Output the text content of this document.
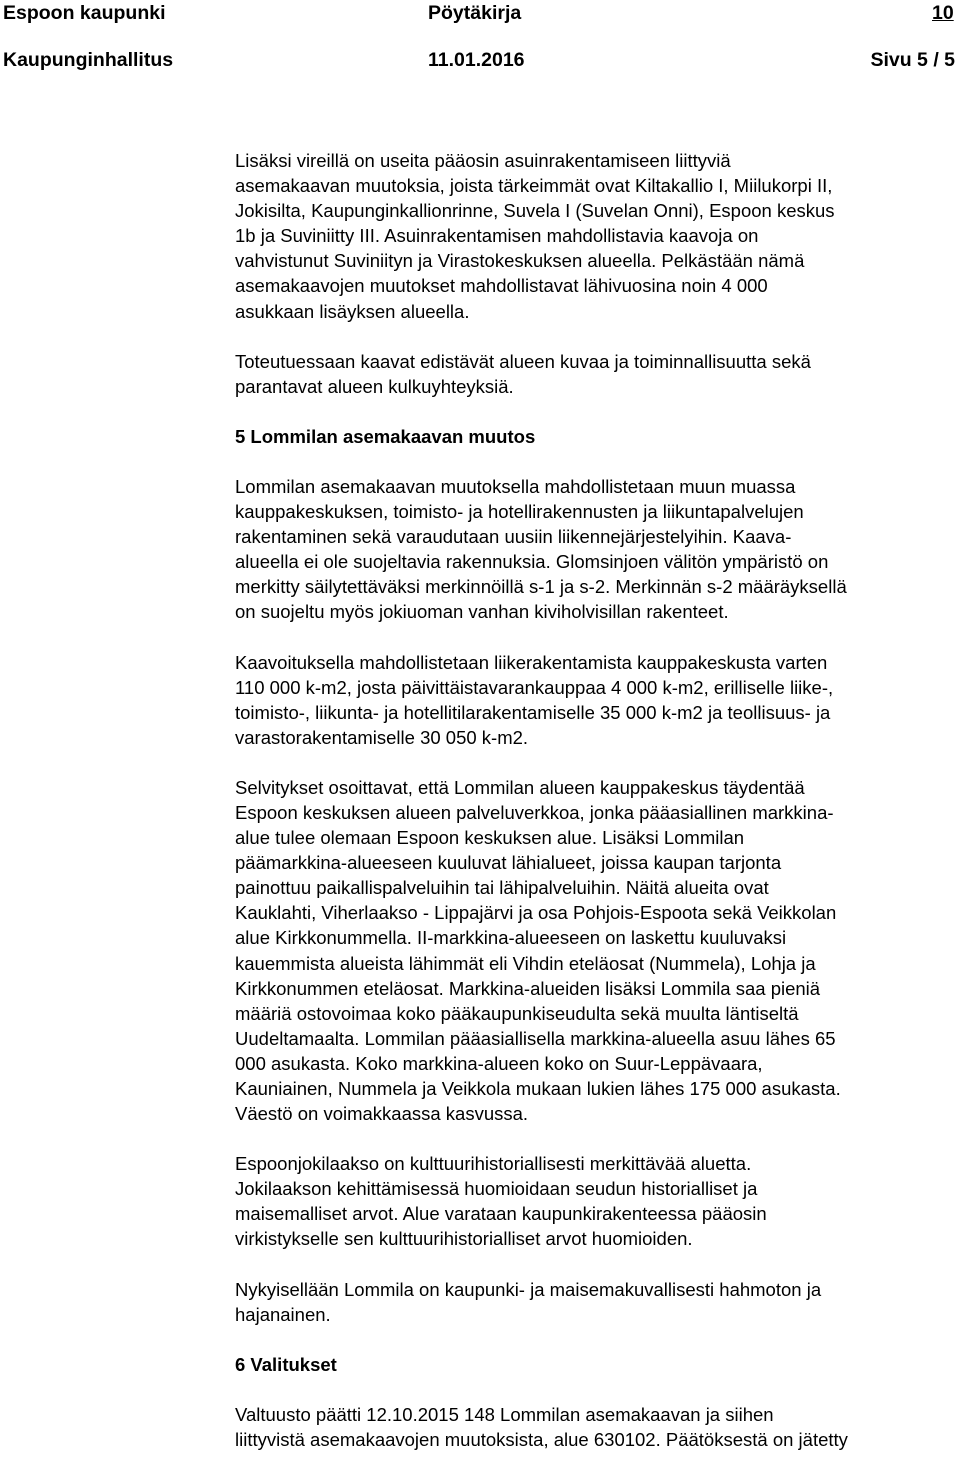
Espoon kaupunki	Pöytäkirja	10
Kaupunginhallitus	11.01.2016	Sivu 5 / 5

Lisäksi vireillä on useita pääosin asuinrakentamiseen liittyviä
asemakaavan muutoksia, joista tärkeimmät ovat Kiltakallio I, Miilukorpi II,
Jokisilta, Kaupunginkallionrinne, Suvela I (Suvelan Onni), Espoon keskus
1b ja Suviniitty III. Asuinrakentamisen mahdollistavia kaavoja on
vahvistunut Suviniityn ja Virastokeskuksen alueella. Pelkästään nämä
asemakaavojen muutokset mahdollistavat lähivuosina noin 4 000
asukkaan lisäyksen alueella.

Toteutuessaan kaavat edistävät alueen kuvaa ja toiminnallisuutta sekä
parantavat alueen kulkuyhteyksiä.

5 Lommilan asemakaavan muutos

Lommilan asemakaavan muutoksella mahdollistetaan muun muassa
kauppakeskuksen, toimisto- ja hotellirakennusten ja liikuntapalvelujen
rakentaminen sekä varaudutaan uusiin liikennejärjestelyihin. Kaava-
alueella ei ole suojeltavia rakennuksia. Glomsinjoen välitön ympäristö on
merkitty säilytettäväksi merkinnöillä s-1 ja s-2. Merkinnän s-2 määräyksellä
on suojeltu myös jokiuoman vanhan kiviholvisillan rakenteet.

Kaavoituksella mahdollistetaan liikerakentamista kauppakeskusta varten
110 000 k-m2, josta päivittäistavarankauppaa 4 000 k-m2, erilliselle liike-,
toimisto-, liikunta- ja hotellitilarakentamiselle 35 000 k-m2 ja teollisuus- ja
varastorakentamiselle 30 050 k-m2.

Selvitykset osoittavat, että Lommilan alueen kauppakeskus täydentää
Espoon keskuksen alueen palveluverkkoa, jonka pääasiallinen markkina-
alue tulee olemaan Espoon keskuksen alue. Lisäksi Lommilan
päämarkkina-alueeseen kuuluvat lähialueet, joissa kaupan tarjonta
painottuu paikallispalveluihin tai lähipalveluihin. Näitä alueita ovat
Kauklahti, Viherlaakso - Lippajärvi ja osa Pohjois-Espoota sekä Veikkolan
alue Kirkkonummella. II-markkina-alueeseen on laskettu kuuluvaksi
kauemmista alueista lähimmät eli Vihdin eteläosat (Nummela), Lohja ja
Kirkkonummen eteläosat. Markkina-alueiden lisäksi Lommila saa pieniä
määriä ostovoimaa koko pääkaupunkiseudulta sekä muulta läntiseltä
Uudeltamaalta. Lommilan pääasiallisella markkina-alueella asuu lähes 65
000 asukasta. Koko markkina-alueen koko on Suur-Leppävaara,
Kauniainen, Nummela ja Veikkola mukaan lukien lähes 175 000 asukasta.
Väestö on voimakkaassa kasvussa.

Espoonjokilaakso on kulttuurihistoriallisesti merkittävää aluetta.
Jokilaakson kehittämisessä huomioidaan seudun historialliset ja
maisemalliset arvot. Alue varataan kaupunkirakenteessa pääosin
virkistykselle sen kulttuurihistorialliset arvot huomioiden.

Nykyisellään Lommila on kaupunki- ja maisemakuvallisesti hahmoton ja
hajanainen.

6 Valitukset

Valtuusto päätti 12.10.2015 148 Lommilan asemakaavan ja siihen
liittyvistä asemakaavojen muutoksista, alue 630102. Päätöksestä on jätetty
